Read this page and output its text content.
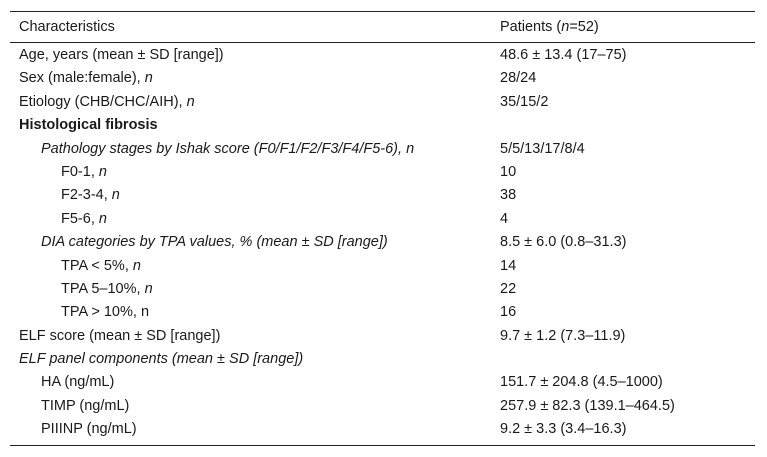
Characteristics	Patients (n=52)
Age, years (mean ± SD [range])	48.6 ± 13.4 (17–75)
Sex (male:female), n	28/24
Etiology (CHB/CHC/AIH), n	35/15/2
Histological fibrosis
Pathology stages by Ishak score (F0/F1/F2/F3/F4/F5-6), n	5/5/13/17/8/4
F0-1, n	10
F2-3-4, n	38
F5-6, n	4
DIA categories by TPA values, % (mean ± SD [range])	8.5 ± 6.0 (0.8–31.3)
TPA < 5%, n	14
TPA 5–10%, n	22
TPA > 10%, n	16
ELF score (mean ± SD [range])	9.7 ± 1.2 (7.3–11.9)
ELF panel components (mean ± SD [range])
HA (ng/mL)	151.7 ± 204.8 (4.5–1000)
TIMP (ng/mL)	257.9 ± 82.3 (139.1–464.5)
PIIINP (ng/mL)	9.2 ± 3.3 (3.4–16.3)
